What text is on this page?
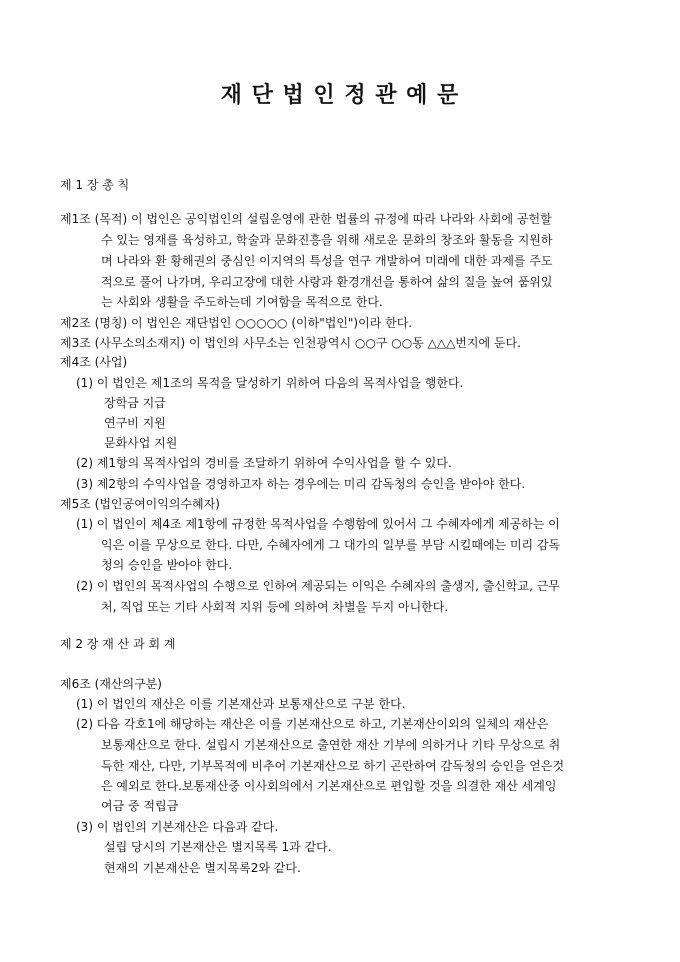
재 단 법 인 정 관 예 문
제 1 장 총 칙
제1조 (목적) 이 법인은 공익법인의 설립운영에 관한 법률의 규정에 따라 나라와 사회에 공헌할
수 있는 영재를 육성하고, 학술과 문화진흥을 위해 새로운 문화의 창조와 활동을 지원하
며 나라와 환 황해권의 중심인 이지역의 특성을 연구 개발하여 미래에 대한 과제를 주도
적으로 풀어 나가며, 우리고장에 대한 사랑과 환경개선을 통하여 삶의 질을 높여 품위있
는 사회와 생활을 주도하는데 기여함을 목적으로 한다.
제2조 (명칭) 이 법인은 재단법인 ○○○○○ (이하"법인")이라 한다.
제3조 (사무소의소재지) 이 법인의 사무소는 인천광역시 ○○구 ○○동 △△△번지에 둔다.
제4조 (사업)
(1) 이 법인은 제1조의 목적을 달성하기 위하여 다음의 목적사업을 행한다.
장학금 지급
연구비 지원
문화사업 지원
(2) 제1항의 목적사업의 경비를 조달하기 위하여 수익사업을 할 수 있다.
(3) 제2항의 수익사업을 경영하고자 하는 경우에는 미리 감독청의 승인을 받아야 한다.
제5조 (법인공여이익의수혜자)
(1) 이 법인이 제4조 제1항에 규정한 목적사업을 수행함에 있어서 그 수혜자에게 제공하는 이
익은 이를 무상으로 한다. 다만, 수혜자에게 그 대가의 일부를 부담 시킬때에는 미리 감독
청의 승인을 받아야 한다.
(2) 이 법인의 목적사업의 수행으로 인하여 제공되는 이익은 수혜자의 출생지, 출신학교, 근무
처, 직업 또는 기타 사회적 지위 등에 의하여 차별을 두지 아니한다.
제 2 장 재 산 과 회 계
제6조 (재산의구분)
(1) 이 법인의 재산은 이를 기본재산과 보통재산으로 구분 한다.
(2) 다음 각호1에 해당하는 재산은 이를 기본재산으로 하고, 기본재산이외의 일체의 재산은
보통재산으로 한다. 설립시 기본재산으로 출연한 재산 기부에 의하거나 기타 무상으로 취
득한 재산, 다만, 기부목적에 비추어 기본재산으로 하기 곤란하여 감독청의 승인을 얻은것
은 예외로 한다.보통재산중 이사회의에서 기본재산으로 편입할 것을 의결한 재산 세계잉
여금 중 적립금
(3) 이 법인의 기본재산은 다음과 같다.
설립 당시의 기본재산은 별지목록 1과 같다.
현재의 기본재산은 별지목록2와 같다.
